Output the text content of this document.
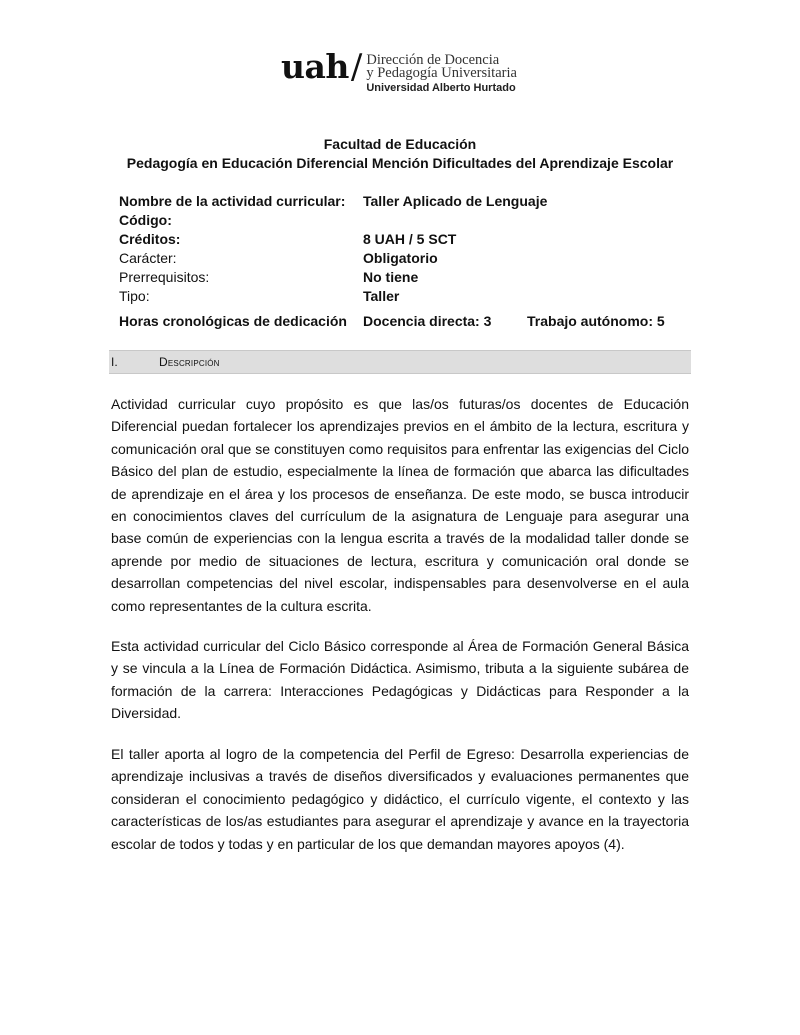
uah / Dirección de Docencia
y Pedagogía Universitaria
Universidad Alberto Hurtado
Facultad de Educación
Pedagogía en Educación Diferencial Mención Dificultades del Aprendizaje Escolar
Nombre de la actividad curricular:	Taller Aplicado de Lenguaje
Código:
Créditos:	8 UAH / 5 SCT
Carácter:	Obligatorio
Prerrequisitos:	No tiene
Tipo:	Taller
Horas cronológicas de dedicación	Docencia directa: 3	Trabajo autónomo: 5
I.	Descripción

Actividad curricular cuyo propósito es que las/os futuras/os docentes de Educación Diferencial puedan fortalecer los aprendizajes previos en el ámbito de la lectura, escritura y comunicación oral que se constituyen como requisitos para enfrentar las exigencias del Ciclo Básico del plan de estudio, especialmente la línea de formación que abarca las dificultades de aprendizaje en el área y los procesos de enseñanza. De este modo, se busca introducir en conocimientos claves del currículum de la asignatura de Lenguaje para asegurar una base común de experiencias con la lengua escrita a través de la modalidad taller donde se aprende por medio de situaciones de lectura, escritura y comunicación oral donde se desarrollan competencias del nivel escolar, indispensables para desenvolverse en el aula como representantes de la cultura escrita.

Esta actividad curricular del Ciclo Básico corresponde al Área de Formación General Básica y se vincula a la Línea de Formación Didáctica. Asimismo, tributa a la siguiente subárea de formación de la carrera: Interacciones Pedagógicas y Didácticas para Responder a la Diversidad.

El taller aporta al logro de la competencia del Perfil de Egreso: Desarrolla experiencias de aprendizaje inclusivas a través de diseños diversificados y evaluaciones permanentes que consideran el conocimiento pedagógico y didáctico, el currículo vigente, el contexto y las características de los/as estudiantes para asegurar el aprendizaje y avance en la trayectoria escolar de todos y todas y en particular de los que demandan mayores apoyos (4).
